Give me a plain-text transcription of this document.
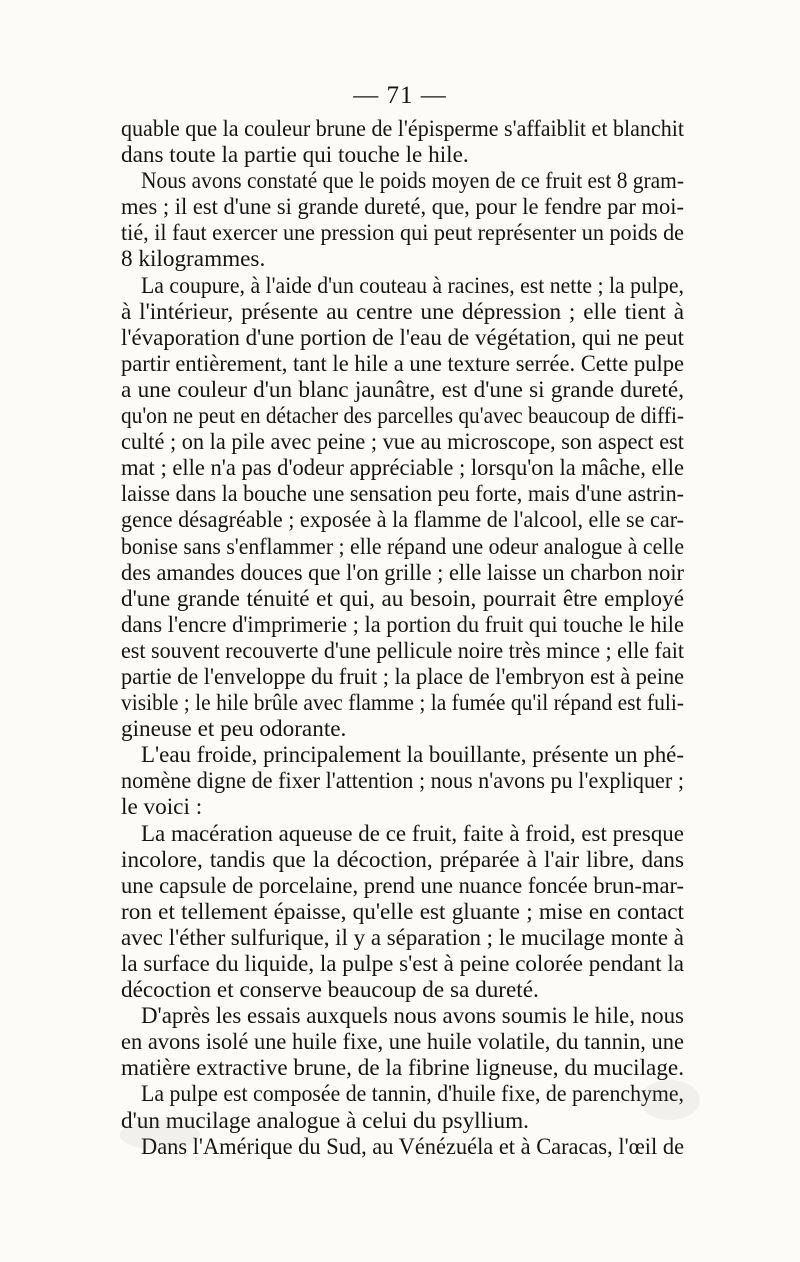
— 71 —
quable que la couleur brune de l'épisperme s'affaiblit et blanchit
dans toute la partie qui touche le hile.
Nous avons constaté que le poids moyen de ce fruit est 8 gram-
mes ; il est d'une si grande dureté, que, pour le fendre par moi-
tié, il faut exercer une pression qui peut représenter un poids de
8 kilogrammes.
La coupure, à l'aide d'un couteau à racines, est nette ; la pulpe,
à l'intérieur, présente au centre une dépression ; elle tient à
l'évaporation d'une portion de l'eau de végétation, qui ne peut
partir entièrement, tant le hile a une texture serrée. Cette pulpe
a une couleur d'un blanc jaunâtre, est d'une si grande dureté,
qu'on ne peut en détacher des parcelles qu'avec beaucoup de diffi-
culté ; on la pile avec peine ; vue au microscope, son aspect est
mat ; elle n'a pas d'odeur appréciable ; lorsqu'on la mâche, elle
laisse dans la bouche une sensation peu forte, mais d'une astrin-
gence désagréable ; exposée à la flamme de l'alcool, elle se car-
bonise sans s'enflammer ; elle répand une odeur analogue à celle
des amandes douces que l'on grille ; elle laisse un charbon noir
d'une grande ténuité et qui, au besoin, pourrait être employé
dans l'encre d'imprimerie ; la portion du fruit qui touche le hile
est souvent recouverte d'une pellicule noire très mince ; elle fait
partie de l'enveloppe du fruit ; la place de l'embryon est à peine
visible ; le hile brûle avec flamme ; la fumée qu'il répand est fuli-
gineuse et peu odorante.
L'eau froide, principalement la bouillante, présente un phé-
nomène digne de fixer l'attention ; nous n'avons pu l'expliquer ;
le voici :
La macération aqueuse de ce fruit, faite à froid, est presque
incolore, tandis que la décoction, préparée à l'air libre, dans
une capsule de porcelaine, prend une nuance foncée brun-mar-
ron et tellement épaisse, qu'elle est gluante ; mise en contact
avec l'éther sulfurique, il y a séparation ; le mucilage monte à
la surface du liquide, la pulpe s'est à peine colorée pendant la
décoction et conserve beaucoup de sa dureté.
D'après les essais auxquels nous avons soumis le hile, nous
en avons isolé une huile fixe, une huile volatile, du tannin, une
matière extractive brune, de la fibrine ligneuse, du mucilage.
La pulpe est composée de tannin, d'huile fixe, de parenchyme,
d'un mucilage analogue à celui du psyllium.
Dans l'Amérique du Sud, au Vénézuéla et à Caracas, l'œil de
